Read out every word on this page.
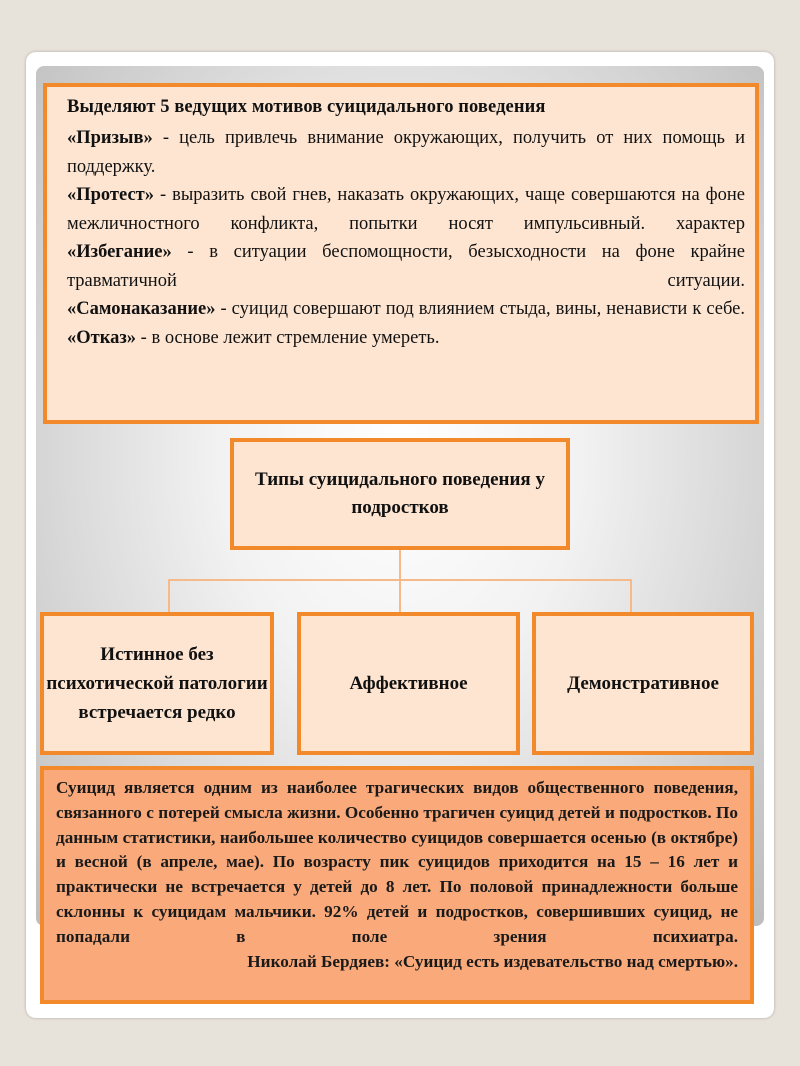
Выделяют 5 ведущих мотивов суицидального поведения

«Призыв» - цель привлечь внимание окружающих, получить от них помощь и поддержку.

«Протест» - выразить свой гнев, наказать окружающих, чаще совершаются на фоне межличностного конфликта, попытки носят импульсивный. характер

«Избегание» - в ситуации беспомощности, безысходности на фоне крайне травматичной ситуации.

«Самонаказание» - суицид совершают под влиянием стыда, вины, ненависти к себе.

«Отказ» - в основе лежит стремление умереть.

Типы суицидального поведения у подростков
Истинное без психотической патологии встречается редко
Аффективное	Демонстративное

Суицид является одним из наиболее трагических видов общественного поведения, связанного с потерей смысла жизни. Особенно трагичен суицид детей и подростков. По данным статистики, наибольшее количество суицидов совершается осенью (в октябре) и весной (в апреле, мае). По возрасту пик суицидов приходится на 15 – 16 лет и практически не встречается у детей до 8 лет. По половой принадлежности больше склонны к суицидам мальчики. 92% детей и подростков, совершивших суицид, не попадали в поле зрения психиатра.

Николай Бердяев: «Суицид есть издевательство над смертью».
